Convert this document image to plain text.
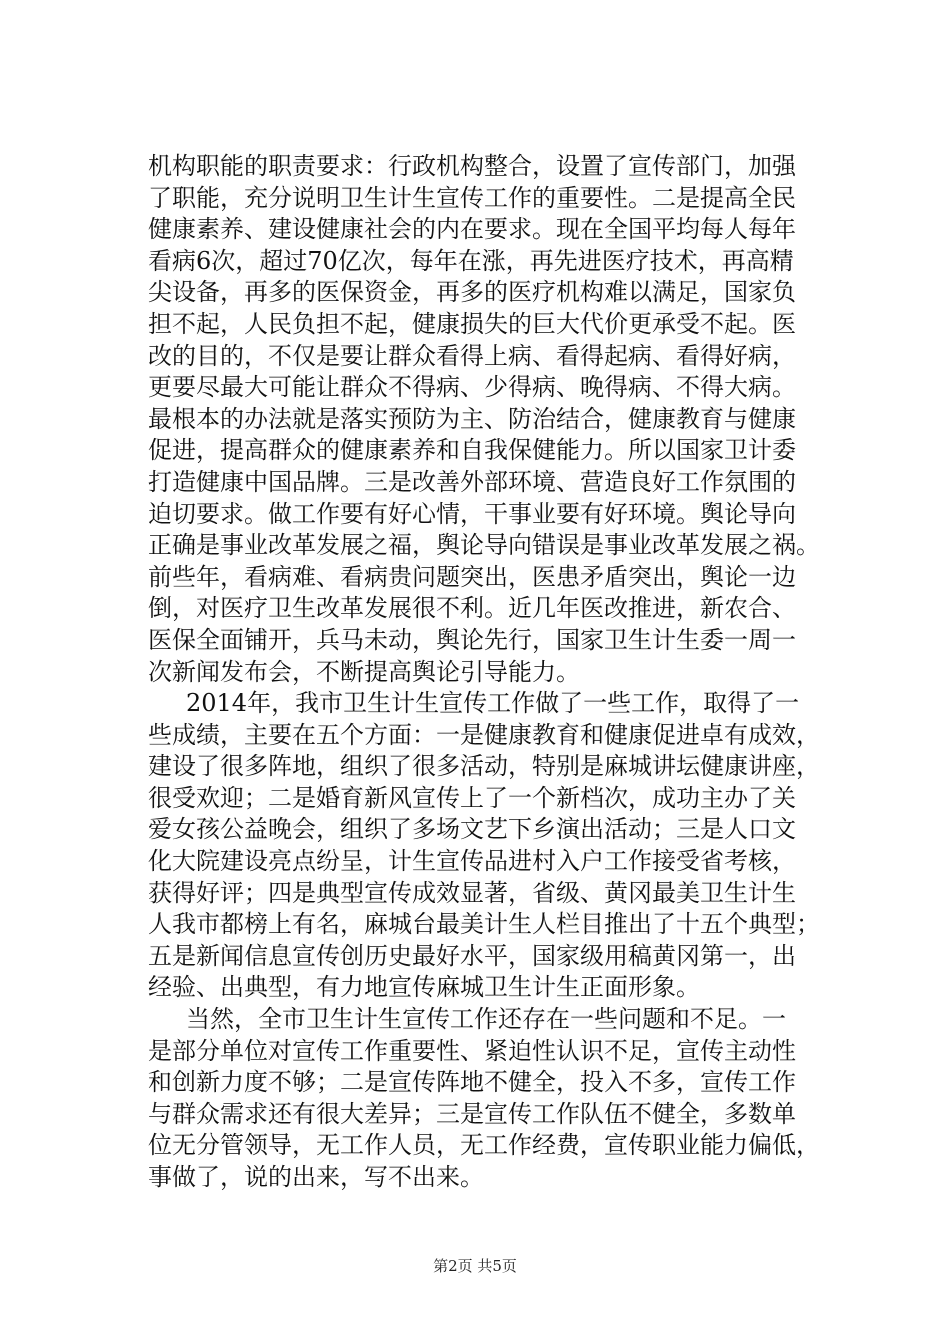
机构职能的职责要求：行政机构整合，设置了宣传部门，加强
了职能，充分说明卫生计生宣传工作的重要性。二是提高全民
健康素养、建设健康社会的内在要求。现在全国平均每人每年
看病6次，超过70亿次，每年在涨，再先进医疗技术，再高精
尖设备，再多的医保资金，再多的医疗机构难以满足，国家负
担不起，人民负担不起，健康损失的巨大代价更承受不起。医
改的目的，不仅是要让群众看得上病、看得起病、看得好病，
更要尽最大可能让群众不得病、少得病、晚得病、不得大病。
最根本的办法就是落实预防为主、防治结合，健康教育与健康
促进，提高群众的健康素养和自我保健能力。所以国家卫计委
打造健康中国品牌。三是改善外部环境、营造良好工作氛围的
迫切要求。做工作要有好心情，干事业要有好环境。舆论导向
正确是事业改革发展之福，舆论导向错误是事业改革发展之祸。
前些年，看病难、看病贵问题突出，医患矛盾突出，舆论一边
倒，对医疗卫生改革发展很不利。近几年医改推进，新农合、
医保全面铺开，兵马未动，舆论先行，国家卫生计生委一周一
次新闻发布会，不断提高舆论引导能力。
2014年，我市卫生计生宣传工作做了一些工作，取得了一
些成绩，主要在五个方面：一是健康教育和健康促进卓有成效，
建设了很多阵地，组织了很多活动，特别是麻城讲坛健康讲座，
很受欢迎；二是婚育新风宣传上了一个新档次，成功主办了关
爱女孩公益晚会，组织了多场文艺下乡演出活动；三是人口文
化大院建设亮点纷呈，计生宣传品进村入户工作接受省考核，
获得好评；四是典型宣传成效显著，省级、黄冈最美卫生计生
人我市都榜上有名，麻城台最美计生人栏目推出了十五个典型；
五是新闻信息宣传创历史最好水平，国家级用稿黄冈第一，出
经验、出典型，有力地宣传麻城卫生计生正面形象。
当然，全市卫生计生宣传工作还存在一些问题和不足。一
是部分单位对宣传工作重要性、紧迫性认识不足，宣传主动性
和创新力度不够；二是宣传阵地不健全，投入不多，宣传工作
与群众需求还有很大差异；三是宣传工作队伍不健全，多数单
位无分管领导，无工作人员，无工作经费，宣传职业能力偏低，
事做了，说的出来，写不出来。
第2页 共5页
